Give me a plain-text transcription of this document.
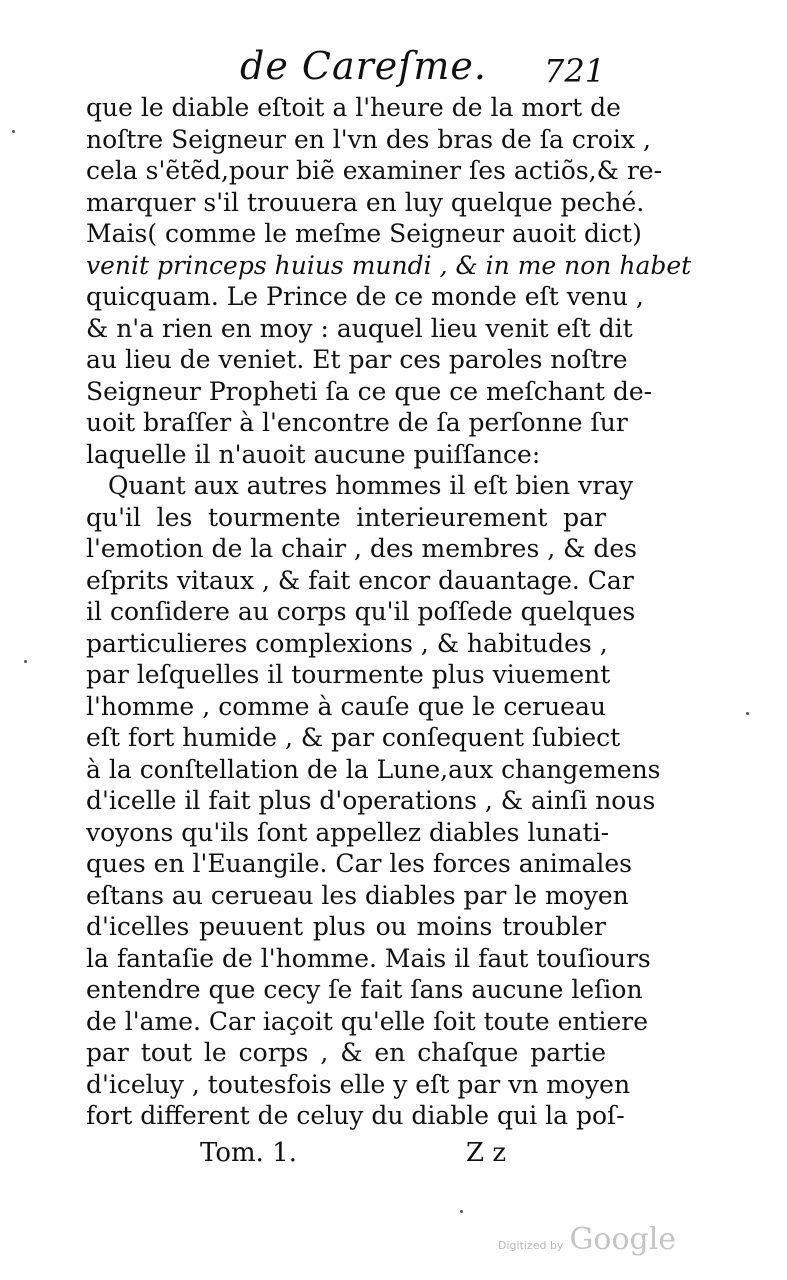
de Careſme. 721
que le diable eſtoit a l'heure de la mort de
noſtre Seigneur en l'vn des bras de ſa croix ,
cela s'ẽtẽd,pour biẽ examiner ſes actiõs,& re-
marquer s'il trouuera en luy quelque peché.
Mais( comme le meſme Seigneur auoit dict)
venit princeps huius mundi , & in me non habet
quicquam. Le Prince de ce monde eſt venu ,
& n'a rien en moy : auquel lieu venit eſt dit
au lieu de veniet. Et par ces paroles noſtre
Seigneur Propheti ſa ce que ce meſchant de-
uoit braſſer à l'encontre de ſa perſonne ſur
laquelle il n'auoit aucune puiſſance:
Quant aux autres hommes il eſt bien vray
qu'il les tourmente interieurement par
l'emotion de la chair , des membres , & des
eſprits vitaux , & fait encor dauantage. Car
il conſidere au corps qu'il poſſede quelques
particulieres complexions , & habitudes ,
par leſquelles il tourmente plus viuement
l'homme , comme à cauſe que le cerueau
eſt fort humide , & par conſequent ſubiect
à la conſtellation de la Lune,aux changemens
d'icelle il fait plus d'operations , & ainſi nous
voyons qu'ils ſont appellez diables lunati-
ques en l'Euangile. Car les forces animales
eſtans au cerueau les diables par le moyen
d'icelles peuuent plus ou moins troubler
la fantaſie de l'homme. Mais il faut touſiours
entendre que cecy ſe fait ſans aucune leſion
de l'ame. Car iaçoit qu'elle ſoit toute entiere
par tout le corps , & en chaſque partie
d'iceluy , toutesfois elle y eſt par vn moyen
fort different de celuy du diable qui la poſ-
Tom. 1.	Z z
Digitized by Google
